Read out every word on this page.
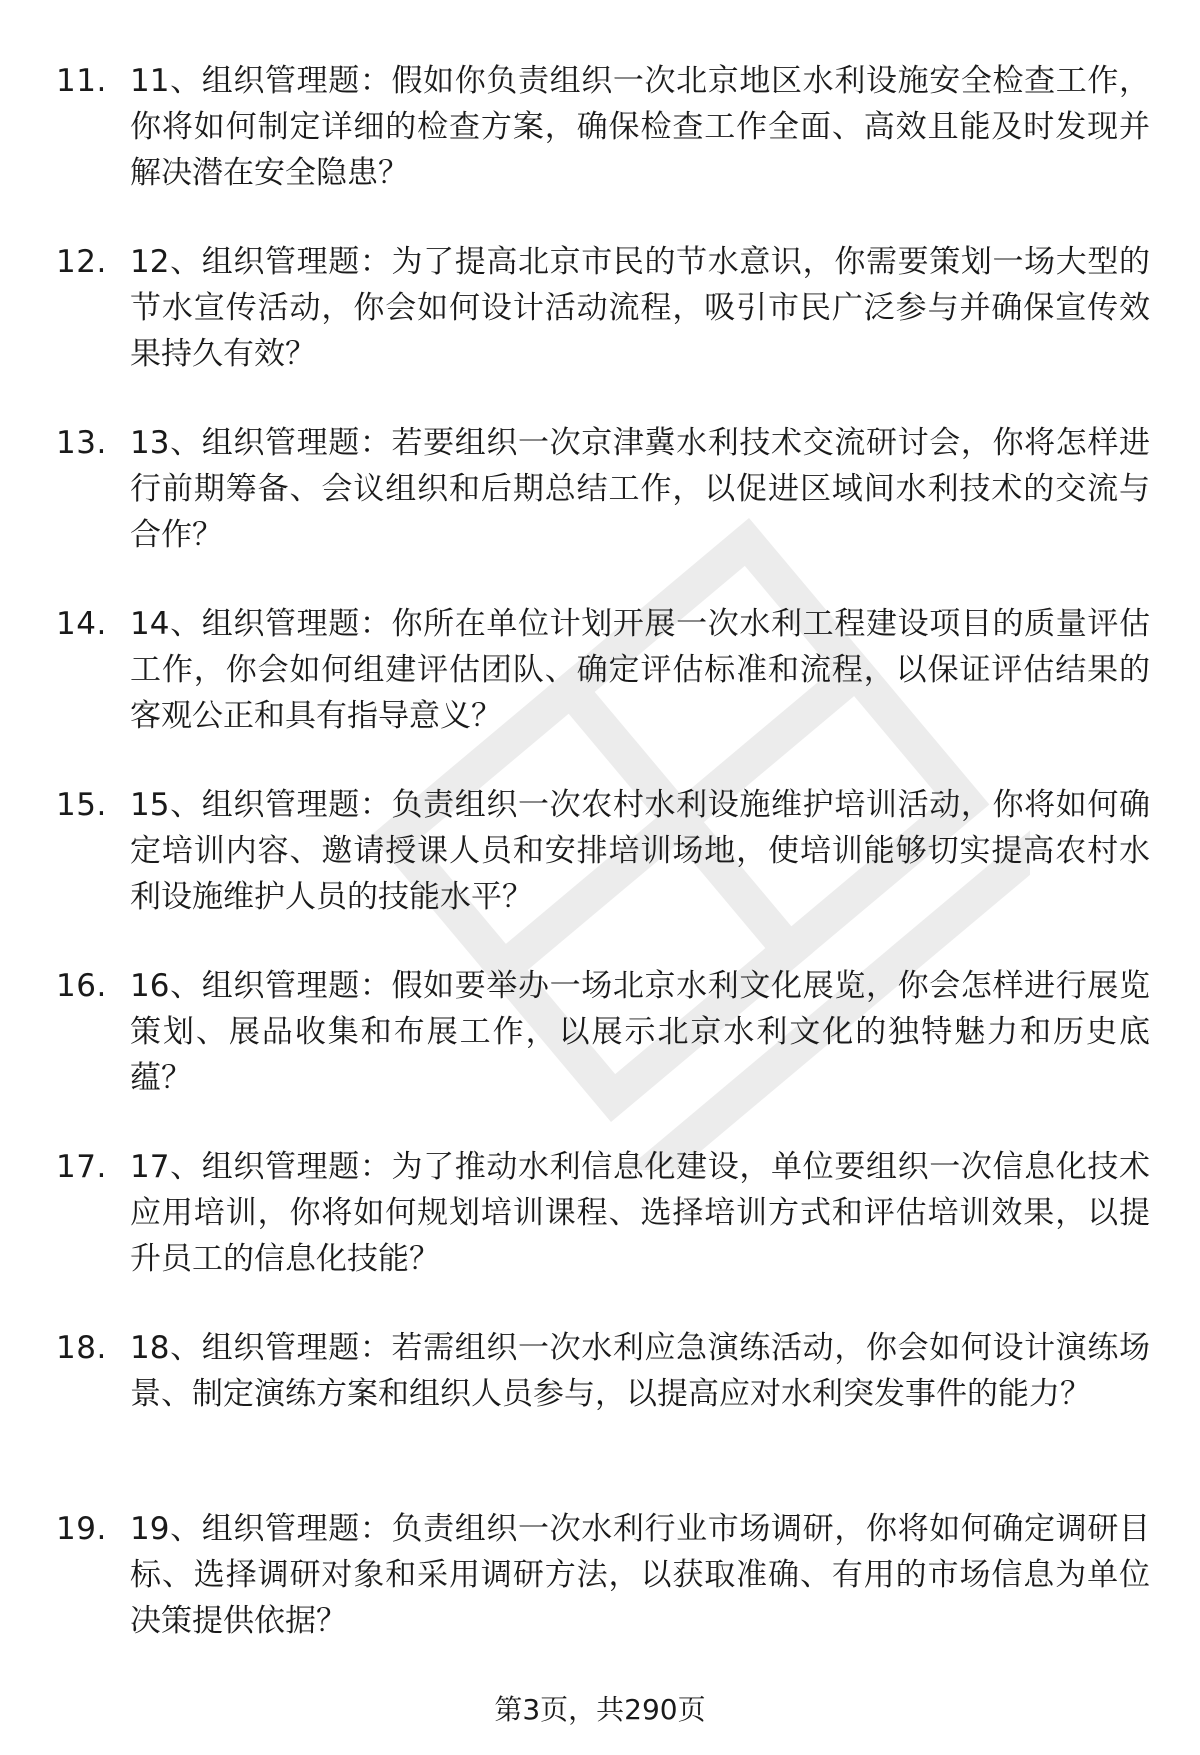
11. 11、组织管理题：假如你负责组织一次北京地区水利设施安全检查工作，你将如何制定详细的检查方案，确保检查工作全面、高效且能及时发现并解决潜在安全隐患？
12. 12、组织管理题：为了提高北京市民的节水意识，你需要策划一场大型的节水宣传活动，你会如何设计活动流程，吸引市民广泛参与并确保宣传效果持久有效？
13. 13、组织管理题：若要组织一次京津冀水利技术交流研讨会，你将怎样进行前期筹备、会议组织和后期总结工作，以促进区域间水利技术的交流与合作？
14. 14、组织管理题：你所在单位计划开展一次水利工程建设项目的质量评估工作，你会如何组建评估团队、确定评估标准和流程，以保证评估结果的客观公正和具有指导意义？
15. 15、组织管理题：负责组织一次农村水利设施维护培训活动，你将如何确定培训内容、邀请授课人员和安排培训场地，使培训能够切实提高农村水利设施维护人员的技能水平？
16. 16、组织管理题：假如要举办一场北京水利文化展览，你会怎样进行展览策划、展品收集和布展工作，以展示北京水利文化的独特魅力和历史底蕴？
17. 17、组织管理题：为了推动水利信息化建设，单位要组织一次信息化技术应用培训，你将如何规划培训课程、选择培训方式和评估培训效果，以提升员工的信息化技能？
18. 18、组织管理题：若需组织一次水利应急演练活动，你会如何设计演练场景、制定演练方案和组织人员参与，以提高应对水利突发事件的能力？
19. 19、组织管理题：负责组织一次水利行业市场调研，你将如何确定调研目标、选择调研对象和采用调研方法，以获取准确、有用的市场信息为单位决策提供依据？
第3页，共290页
